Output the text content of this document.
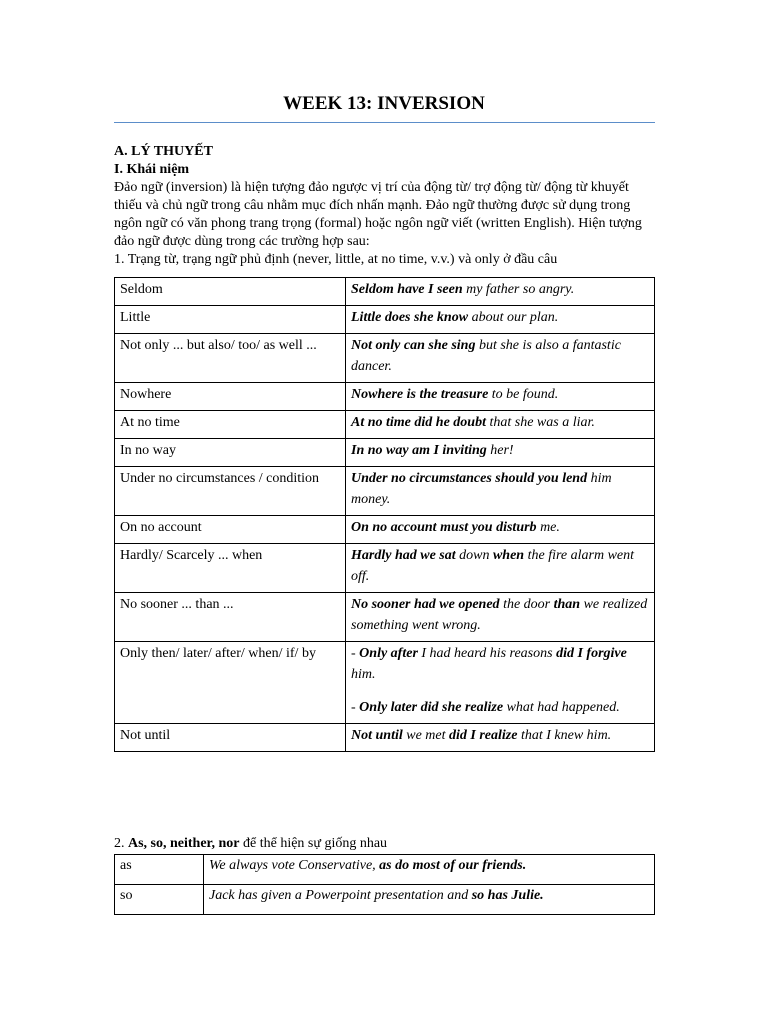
WEEK 13: INVERSION
A. LÝ THUYẾT
I. Khái niệm
Đảo ngữ (inversion) là hiện tượng đảo ngược vị trí của động từ/ trợ động từ/ động từ khuyết thiếu và chủ ngữ trong câu nhằm mục đích nhấn mạnh. Đảo ngữ thường được sử dụng trong ngôn ngữ có văn phong trang trọng (formal) hoặc ngôn ngữ viết (written English). Hiện tượng đảo ngữ được dùng trong các trường hợp sau:
1. Trạng từ, trạng ngữ phủ định (never, little, at no time, v.v.) và only ở đầu câu
Seldom	Seldom have I seen my father so angry.
Little	Little does she know about our plan.
Not only ... but also/ too/ as well ...	Not only can she sing but she is also a fantastic dancer.
Nowhere	Nowhere is the treasure to be found.
At no time	At no time did he doubt that she was a liar.
In no way	In no way am I inviting her!
Under no circumstances / condition	Under no circumstances should you lend him money.
On no account	On no account must you disturb me.
Hardly/ Scarcely ... when	Hardly had we sat down when the fire alarm went off.
No sooner ... than ...	No sooner had we opened the door than we realized something went wrong.
Only then/ later/ after/ when/ if/ by	- Only after I had heard his reasons did I forgive him.

- Only later did she realize what had happened.

Not until	Not until we met did I realize that I knew him.
2. As, so, neither, nor để thể hiện sự giống nhau
as	We always vote Conservative, as do most of our friends.
so	Jack has given a Powerpoint presentation and so has Julie.
